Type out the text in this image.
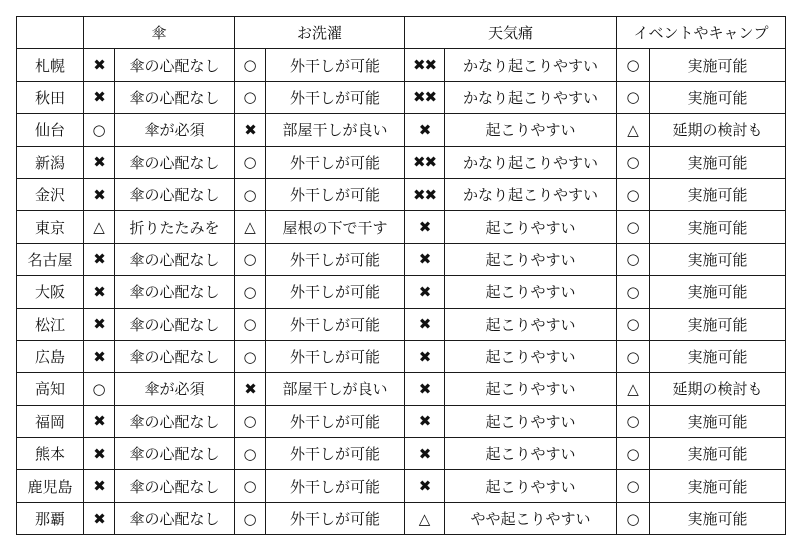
	傘		お洗濯		天気痛		イベントやキャンプ	
札幌	✖	傘の心配なし	○	外干しが可能	✖✖	かなり起こりやすい	○	実施可能
秋田	✖	傘の心配なし	○	外干しが可能	✖✖	かなり起こりやすい	○	実施可能
仙台	○	傘が必須	✖	部屋干しが良い	✖	起こりやすい	△	延期の検討も
新潟	✖	傘の心配なし	○	外干しが可能	✖✖	かなり起こりやすい	○	実施可能
金沢	✖	傘の心配なし	○	外干しが可能	✖✖	かなり起こりやすい	○	実施可能
東京	△	折りたたみを	△	屋根の下で干す	✖	起こりやすい	○	実施可能
名古屋	✖	傘の心配なし	○	外干しが可能	✖	起こりやすい	○	実施可能
大阪	✖	傘の心配なし	○	外干しが可能	✖	起こりやすい	○	実施可能
松江	✖	傘の心配なし	○	外干しが可能	✖	起こりやすい	○	実施可能
広島	✖	傘の心配なし	○	外干しが可能	✖	起こりやすい	○	実施可能
高知	○	傘が必須	✖	部屋干しが良い	✖	起こりやすい	△	延期の検討も
福岡	✖	傘の心配なし	○	外干しが可能	✖	起こりやすい	○	実施可能
熊本	✖	傘の心配なし	○	外干しが可能	✖	起こりやすい	○	実施可能
鹿児島	✖	傘の心配なし	○	外干しが可能	✖	起こりやすい	○	実施可能
那覇	✖	傘の心配なし	○	外干しが可能	△	やや起こりやすい	○	実施可能
